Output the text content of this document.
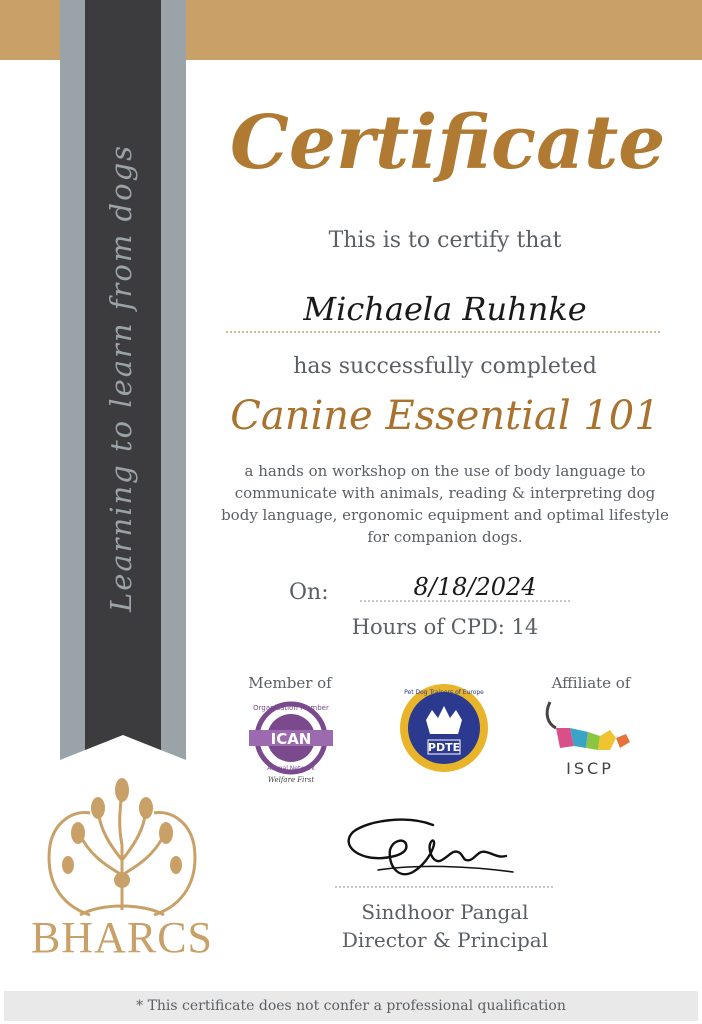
Learning to learn from dogs
BHARCS
Certificate
This is to certify that
Michaela Ruhnke
has successfully completed
Canine Essential 101
a hands on workshop on the use of body language to communicate with animals, reading & interpreting dog body language, ergonomic equipment and optimal lifestyle for companion dogs.
On:	8/18/2024
Hours of CPD: 14
Member of	Affiliate of
Organisation Member
ICAN
Animal Network
Welfare First
Pet Dog Trainers of Europe
PDTE
ISCP
Sindhoor Pangal
Director & Principal
* This certificate does not confer a professional qualification
